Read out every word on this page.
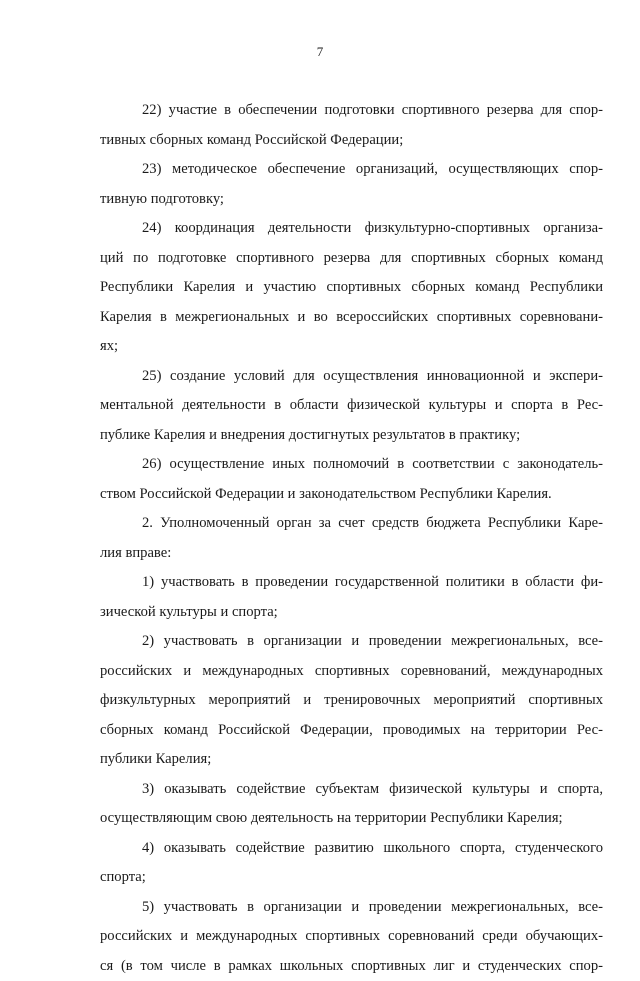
7
22) участие в обеспечении подготовки спортивного резерва для спор-
тивных сборных команд Российской Федерации;
23) методическое обеспечение организаций, осуществляющих спор-
тивную подготовку;
24) координация деятельности физкультурно-спортивных организа-
ций по подготовке спортивного резерва для спортивных сборных команд
Республики Карелия и участию спортивных сборных команд Республики
Карелия в межрегиональных и во всероссийских спортивных соревновани-
ях;
25) создание условий для осуществления инновационной и экспери-
ментальной деятельности в области физической культуры и спорта в Рес-
публике Карелия и внедрения достигнутых результатов в практику;
26) осуществление иных полномочий в соответствии с законодатель-
ством Российской Федерации и законодательством Республики Карелия.
2. Уполномоченный орган за счет средств бюджета Республики Каре-
лия вправе:
1) участвовать в проведении государственной политики в области фи-
зической культуры и спорта;
2) участвовать в организации и проведении межрегиональных, все-
российских и международных спортивных соревнований, международных
физкультурных мероприятий и тренировочных мероприятий спортивных
сборных команд Российской Федерации, проводимых на территории Рес-
публики Карелия;
3) оказывать содействие субъектам физической культуры и спорта,
осуществляющим свою деятельность на территории Республики Карелия;
4) оказывать содействие развитию школьного спорта, студенческого
спорта;
5) участвовать в организации и проведении межрегиональных, все-
российских и международных спортивных соревнований среди обучающих-
ся (в том числе в рамках школьных спортивных лиг и студенческих спор-
